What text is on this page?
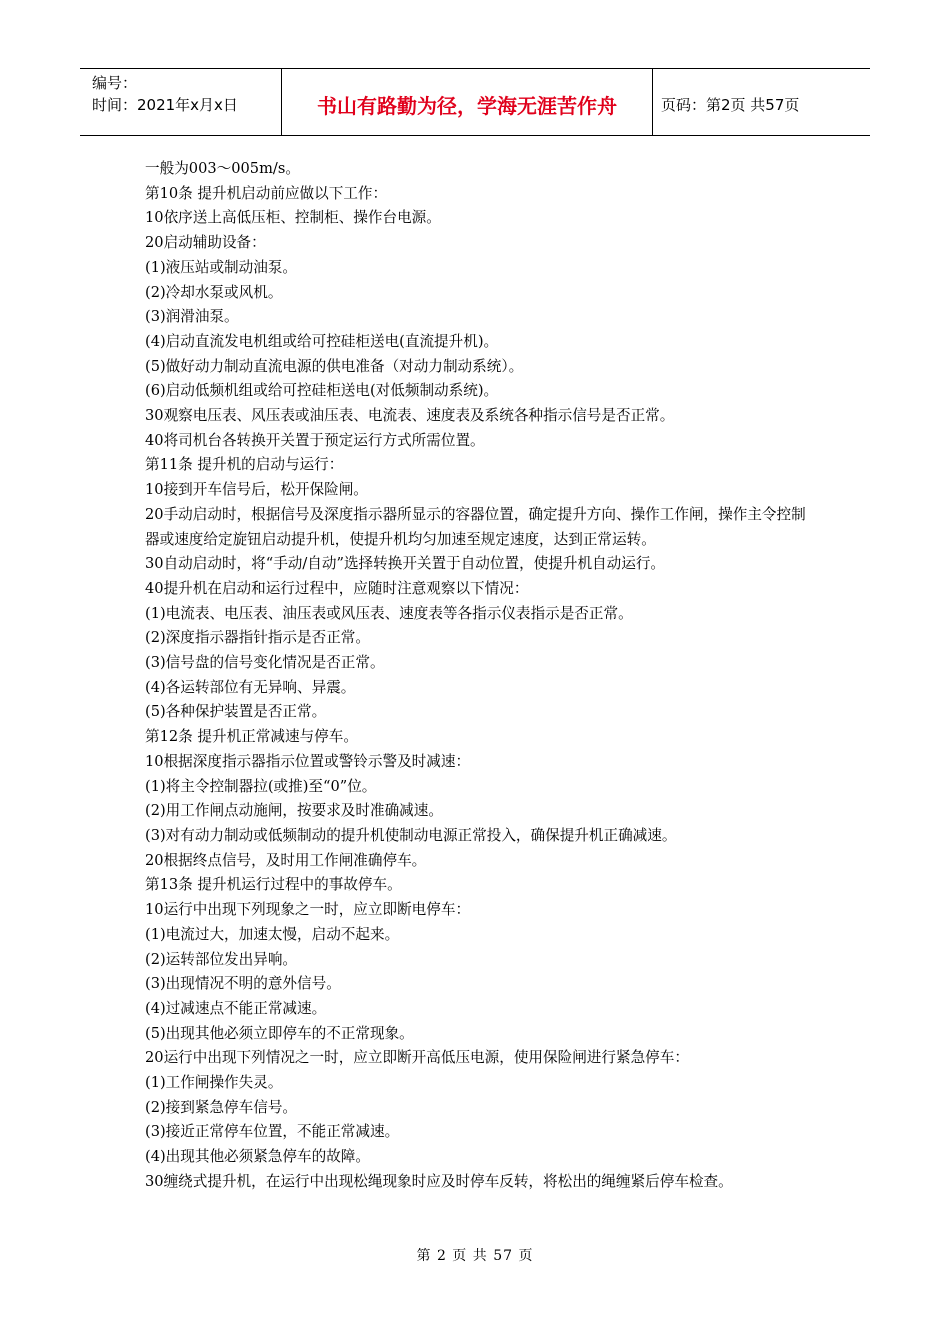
编号：
时间：2021年x月x日	书山有路勤为径，学海无涯苦作舟	页码：第2页 共57页

一般为003～005m/s。

第10条 提升机启动前应做以下工作：

10依序送上高低压柜、控制柜、操作台电源。

20启动辅助设备：

(1)液压站或制动油泵。

(2)冷却水泵或风机。

(3)润滑油泵。

(4)启动直流发电机组或给可控硅柜送电(直流提升机)。

(5)做好动力制动直流电源的供电准备（对动力制动系统）。

(6)启动低频机组或给可控硅柜送电(对低频制动系统)。

30观察电压表、风压表或油压表、电流表、速度表及系统各种指示信号是否正常。

40将司机台各转换开关置于预定运行方式所需位置。

第11条 提升机的启动与运行：

10接到开车信号后，松开保险闸。

20手动启动时，根据信号及深度指示器所显示的容器位置，确定提升方向、操作工作闸，操作主令控制器或速度给定旋钮启动提升机，使提升机均匀加速至规定速度，达到正常运转。

30自动启动时，将“手动/自动”选择转换开关置于自动位置，使提升机自动运行。

40提升机在启动和运行过程中，应随时注意观察以下情况：

(1)电流表、电压表、油压表或风压表、速度表等各指示仪表指示是否正常。

(2)深度指示器指针指示是否正常。

(3)信号盘的信号变化情况是否正常。

(4)各运转部位有无异响、异震。

(5)各种保护装置是否正常。

第12条 提升机正常减速与停车。

10根据深度指示器指示位置或警铃示警及时减速：

(1)将主令控制器拉(或推)至“0”位。

(2)用工作闸点动施闸，按要求及时准确减速。

(3)对有动力制动或低频制动的提升机使制动电源正常投入，确保提升机正确减速。

20根据终点信号，及时用工作闸准确停车。

第13条 提升机运行过程中的事故停车。

10运行中出现下列现象之一时，应立即断电停车：

(1)电流过大，加速太慢，启动不起来。

(2)运转部位发出异响。

(3)出现情况不明的意外信号。

(4)过减速点不能正常减速。

(5)出现其他必须立即停车的不正常现象。

20运行中出现下列情况之一时，应立即断开高低压电源，使用保险闸进行紧急停车：

(1)工作闸操作失灵。

(2)接到紧急停车信号。

(3)接近正常停车位置，不能正常减速。

(4)出现其他必须紧急停车的故障。

30缠绕式提升机，在运行中出现松绳现象时应及时停车反转，将松出的绳缠紧后停车检查。

第 2 页 共 57 页
